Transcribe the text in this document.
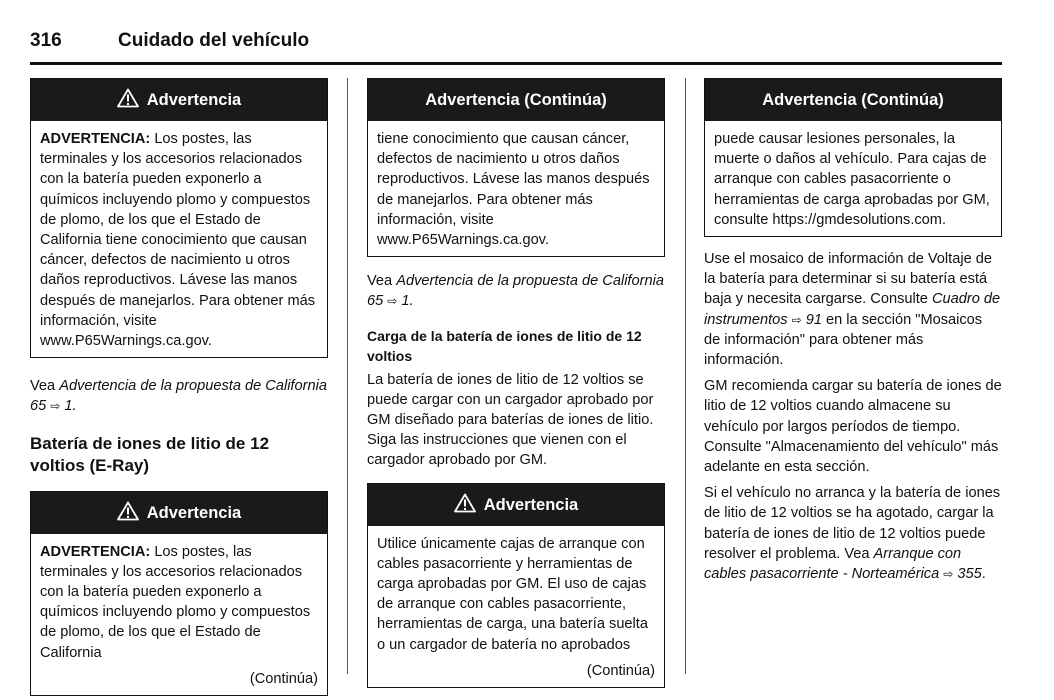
316	Cuidado del vehículo
Advertencia
ADVERTENCIA: Los postes, las terminales y los accesorios relacionados con la batería pueden exponerlo a químicos incluyendo plomo y compuestos de plomo, de los que el Estado de California tiene conocimiento que causan cáncer, defectos de nacimiento u otros daños reproductivos. Lávese las manos después de manejarlos. Para obtener más información, visite www.P65Warnings.ca.gov.

Vea Advertencia de la propuesta de California 65 ⇨ 1.

Batería de iones de litio de 12 voltios (E-Ray)
Advertencia
ADVERTENCIA: Los postes, las terminales y los accesorios relacionados con la batería pueden exponerlo a químicos incluyendo plomo y compuestos de plomo, de los que el Estado de California
(Continúa)
Advertencia (Continúa)
tiene conocimiento que causan cáncer, defectos de nacimiento u otros daños reproductivos. Lávese las manos después de manejarlos. Para obtener más información, visite www.P65Warnings.ca.gov.

Vea Advertencia de la propuesta de California 65 ⇨ 1.

Carga de la batería de iones de litio de 12 voltios

La batería de iones de litio de 12 voltios se puede cargar con un cargador aprobado por GM diseñado para baterías de iones de litio. Siga las instrucciones que vienen con el cargador aprobado por GM.

Advertencia
Utilice únicamente cajas de arranque con cables pasacorriente y herramientas de carga aprobadas por GM. El uso de cajas de arranque con cables pasacorriente, herramientas de carga, una batería suelta o un cargador de batería no aprobados
(Continúa)
Advertencia (Continúa)
puede causar lesiones personales, la muerte o daños al vehículo. Para cajas de arranque con cables pasacorriente o herramientas de carga aprobadas por GM, consulte https://gmdesolutions.com.

Use el mosaico de información de Voltaje de la batería para determinar si su batería está baja y necesita cargarse. Consulte Cuadro de instrumentos ⇨ 91 en la sección "Mosaicos de información" para obtener más información.

GM recomienda cargar su batería de iones de litio de 12 voltios cuando almacene su vehículo por largos períodos de tiempo. Consulte "Almacenamiento del vehículo" más adelante en esta sección.

Si el vehículo no arranca y la batería de iones de litio de 12 voltios se ha agotado, cargar la batería de iones de litio de 12 voltios puede resolver el problema. Vea Arranque con cables pasacorriente - Norteamérica ⇨ 355.
